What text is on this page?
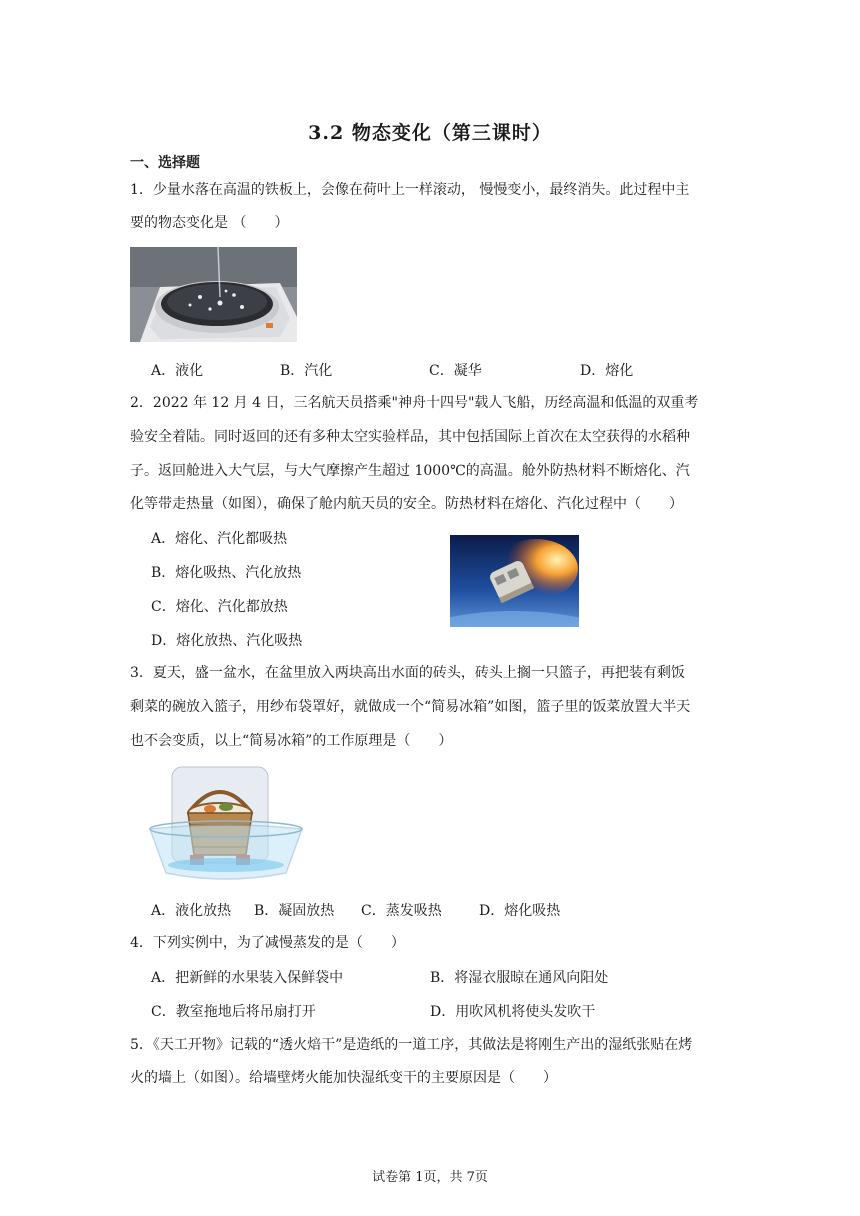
3.2 物态变化（第三课时）
一、选择题
1．少量水落在高温的铁板上，会像在荷叶上一样滚动， 慢慢变小，最终消失。此过程中主
要的物态变化是 （　　）
A．液化	B．汽化	C．凝华	D．熔化
2．2022 年 12 月 4 日，三名航天员搭乘"神舟十四号"载人飞船，历经高温和低温的双重考
验安全着陆。同时返回的还有多种太空实验样品，其中包括国际上首次在太空获得的水稻种
子。返回舱进入大气层，与大气摩擦产生超过 1000℃的高温。舱外防热材料不断熔化、汽
化等带走热量（如图），确保了舱内航天员的安全。防热材料在熔化、汽化过程中（　　）
A．熔化、汽化都吸热
B．熔化吸热、汽化放热
C．熔化、汽化都放热
D．熔化放热、汽化吸热
3．夏天，盛一盆水，在盆里放入两块高出水面的砖头，砖头上搁一只篮子，再把装有剩饭
剩菜的碗放入篮子，用纱布袋罩好，就做成一个“简易冰箱”如图，篮子里的饭菜放置大半天
也不会变质，以上“简易冰箱”的工作原理是（　　）
A．液化放热 B．凝固放热 C．蒸发吸热	D．熔化吸热
4．下列实例中，为了减慢蒸发的是（　　）
A．把新鲜的水果装入保鲜袋中	B．将湿衣服晾在通风向阳处
C．教室拖地后将吊扇打开	D．用吹风机将使头发吹干
5．《天工开物》记载的“透火焙干”是造纸的一道工序，其做法是将刚生产出的湿纸张贴在烤
火的墙上（如图）。给墙壁烤火能加快湿纸变干的主要原因是（　　）
试卷第 1页，共 7页
